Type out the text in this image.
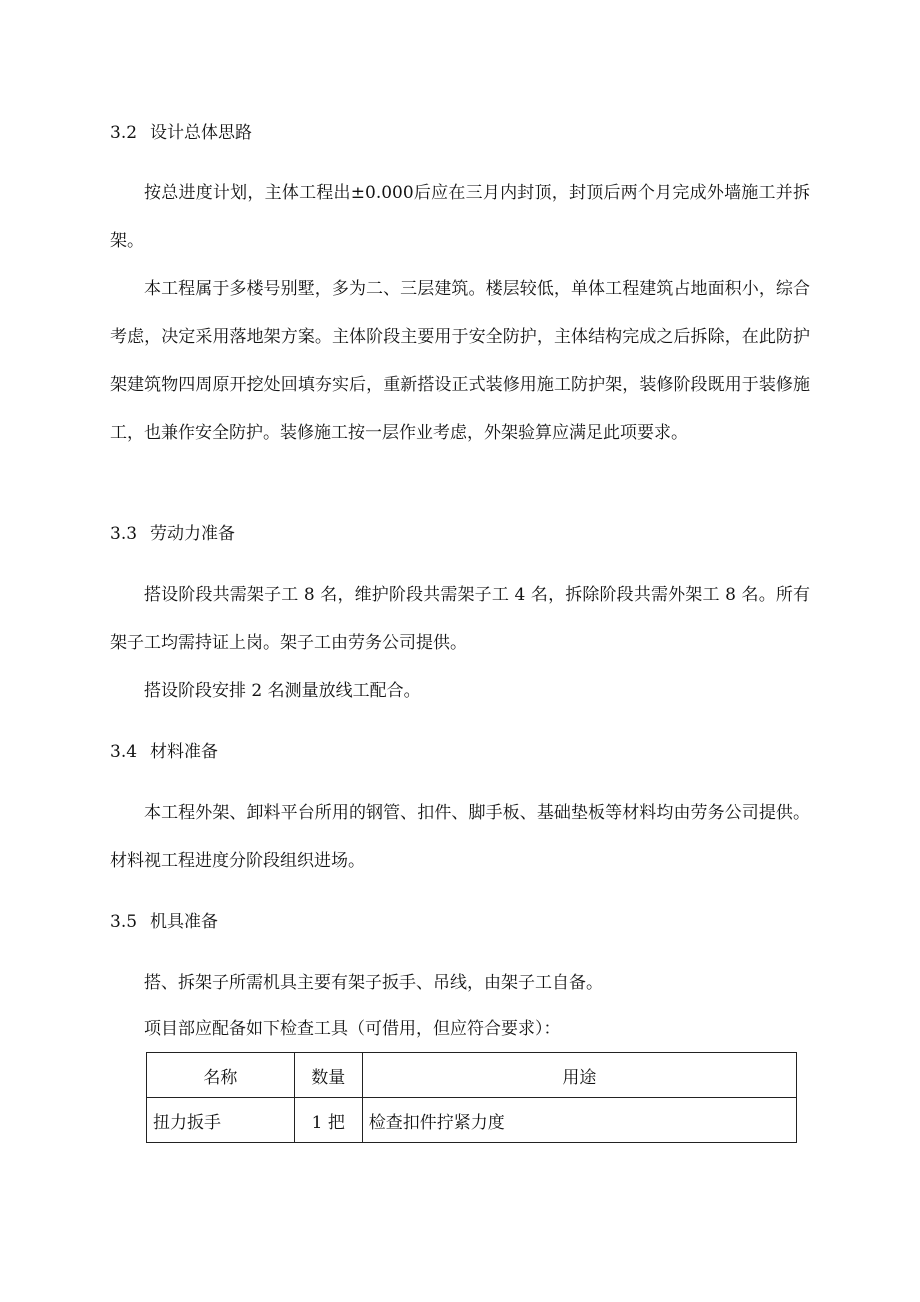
3.2 设计总体思路
按总进度计划，主体工程出±0.000后应在三月内封顶，封顶后两个月完成外墙施工并拆架。
本工程属于多楼号别墅，多为二、三层建筑。楼层较低，单体工程建筑占地面积小，综合考虑，决定采用落地架方案。主体阶段主要用于安全防护，主体结构完成之后拆除，在此防护架建筑物四周原开挖处回填夯实后，重新搭设正式装修用施工防护架，装修阶段既用于装修施工，也兼作安全防护。装修施工按一层作业考虑，外架验算应满足此项要求。
3.3 劳动力准备
搭设阶段共需架子工 8 名，维护阶段共需架子工 4 名，拆除阶段共需外架工 8 名。所有架子工均需持证上岗。架子工由劳务公司提供。
搭设阶段安排 2 名测量放线工配合。
3.4 材料准备
本工程外架、卸料平台所用的钢管、扣件、脚手板、基础垫板等材料均由劳务公司提供。材料视工程进度分阶段组织进场。
3.5 机具准备
搭、拆架子所需机具主要有架子扳手、吊线，由架子工自备。
项目部应配备如下检查工具（可借用，但应符合要求）：
名称	数量	用途
扭力扳手	1 把	检查扣件拧紧力度
